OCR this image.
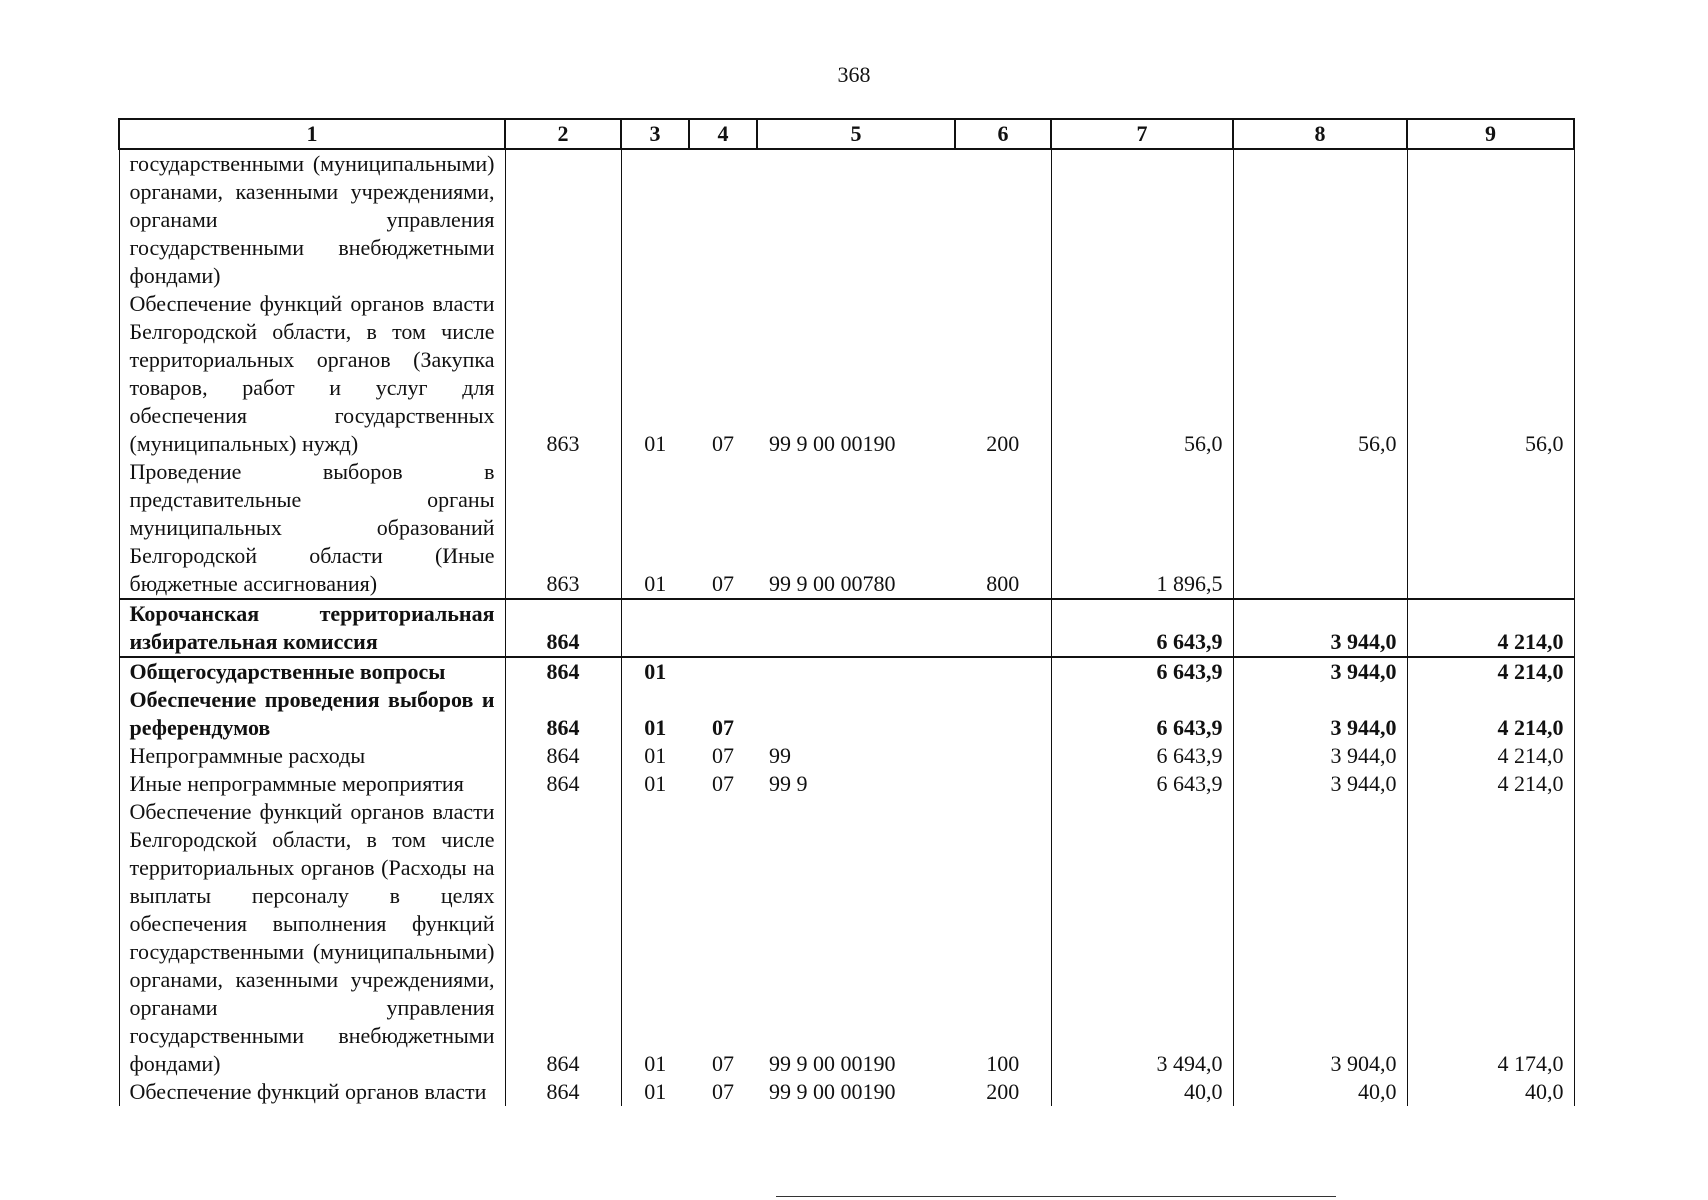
368
1	2	3	4	5	6	7	8	9
государственными (муниципальными) органами, казенными учреждениями, органами управления государственными внебюджетными фондами)								
Обеспечение функций органов власти Белгородской области, в том числе территориальных органов (Закупка товаров, работ и услуг для обеспечения государственных (муниципальных) нужд)	863	01	07	99 9 00 00190	200	56,0	56,0	56,0
Проведение выборов в представительные органы муниципальных образований Белгородской области (Иные бюджетные ассигнования)	863	01	07	99 9 00 00780	800	1 896,5		
Корочанская территориальная избирательная комиссия	864					6 643,9	3 944,0	4 214,0
Общегосударственные вопросы	864	01				6 643,9	3 944,0	4 214,0
Обеспечение проведения выборов и референдумов	864	01	07			6 643,9	3 944,0	4 214,0
Непрограммные расходы	864	01	07	99		6 643,9	3 944,0	4 214,0
Иные непрограммные мероприятия	864	01	07	99 9		6 643,9	3 944,0	4 214,0
Обеспечение функций органов власти Белгородской области, в том числе территориальных органов (Расходы на выплаты персоналу в целях обеспечения выполнения функций государственными (муниципальными) органами, казенными учреждениями, органами управления государственными внебюджетными фондами)	864	01	07	99 9 00 00190	100	3 494,0	3 904,0	4 174,0
Обеспечение функций органов власти	864	01	07	99 9 00 00190	200	40,0	40,0	40,0
